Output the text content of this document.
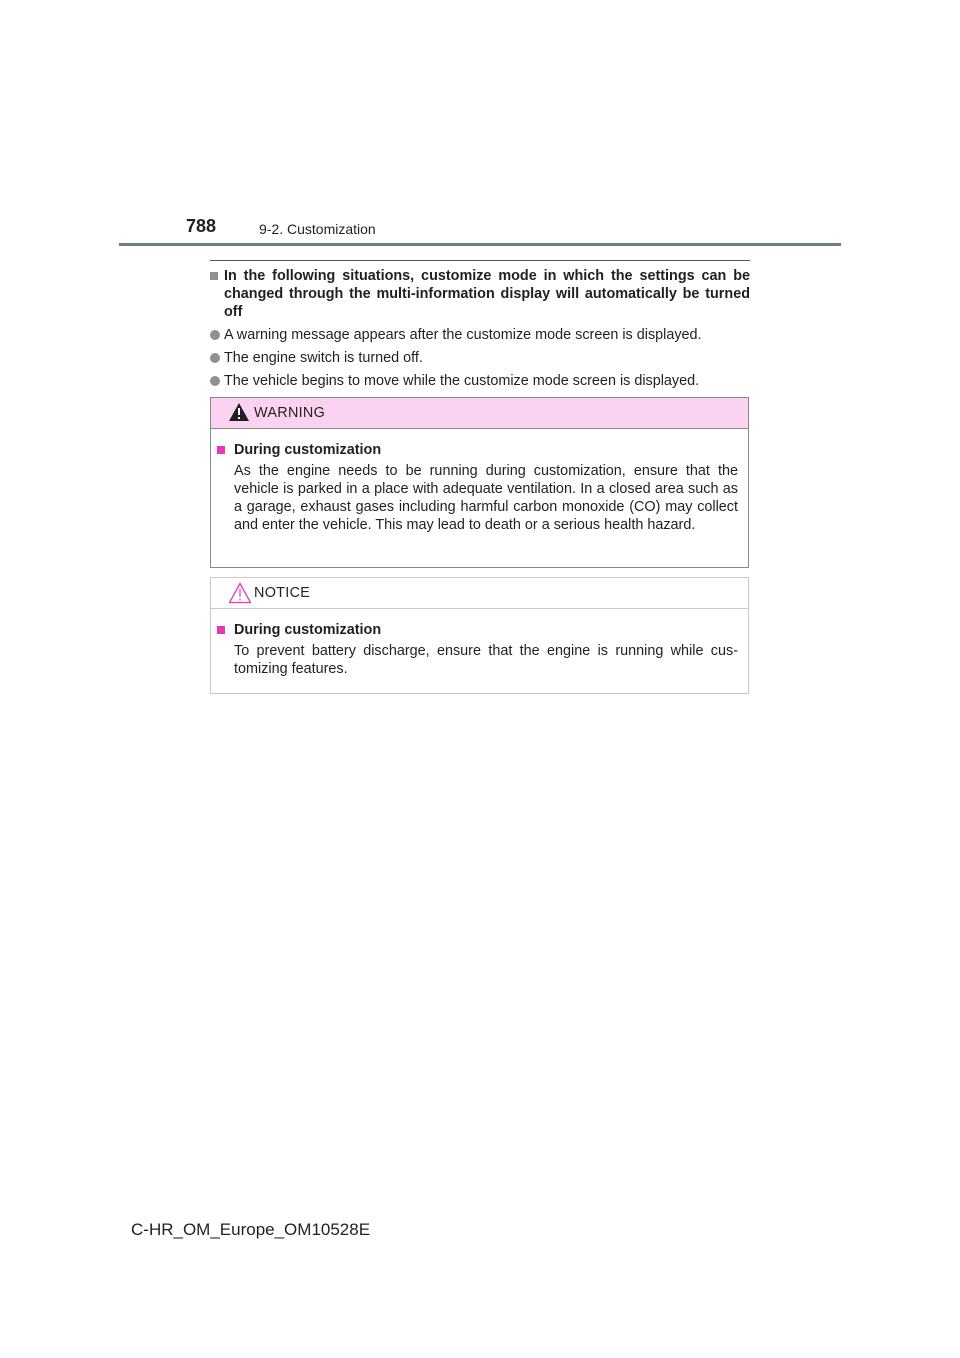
788	9-2. Customization
In the following situations, customize mode in which the settings can be changed through the multi-information display will automatically be turned off
A warning message appears after the customize mode screen is displayed.
The engine switch is turned off.
The vehicle begins to move while the customize mode screen is displayed.
WARNING
During customization
As the engine needs to be running during customization, ensure that the vehicle is parked in a place with adequate ventilation. In a closed area such as a garage, exhaust gases including harmful carbon monoxide (CO) may collect and enter the vehicle. This may lead to death or a serious health hazard.
NOTICE
During customization
To prevent battery discharge, ensure that the engine is running while cus-tomizing features.
C-HR_OM_Europe_OM10528E
